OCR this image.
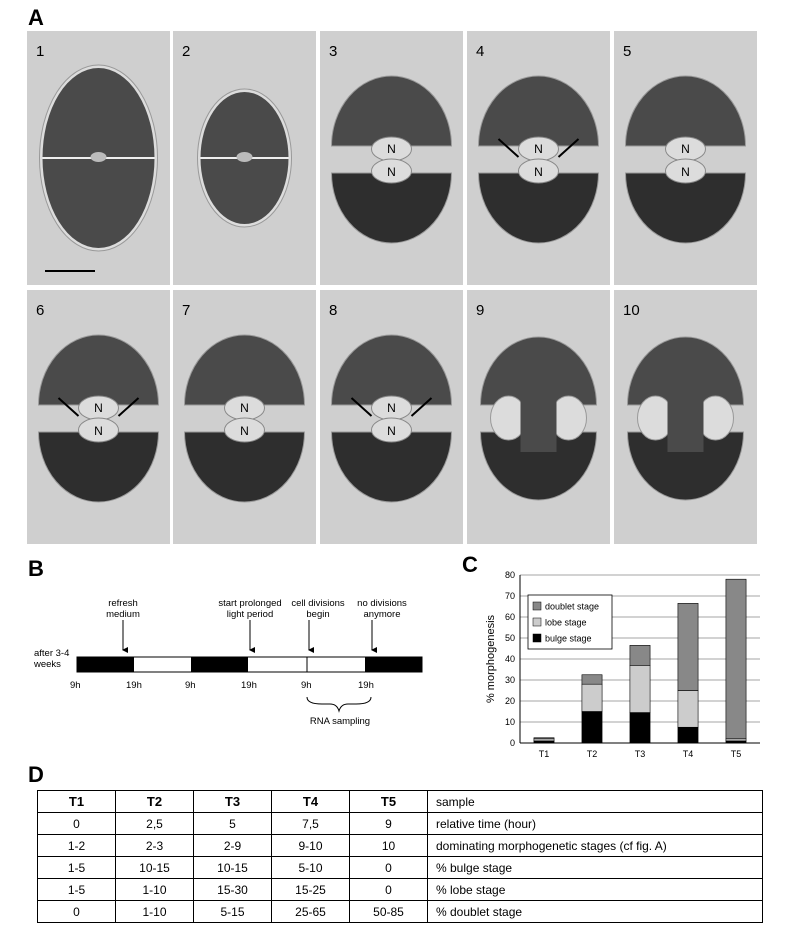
A
1	2
N
N
3
N
N
4
N
N
5
N
N
6
N
N
7
N
N
8	9	10
B
after 3-4
weeks
refresh
medium
start prolonged
light period
cell divisions
begin
no divisions
anymore
9h	19h	9h	19h	9h	19h
RNA sampling
C
0
10
20
30
40
50
60
70
80
% morphogenesis
T1	T2	T3	T4	T5
doublet stage
lobe stage
bulge stage
D
T1	T2	T3	T4	T5	sample
0	2,5	5	7,5	9	relative time (hour)
1-2	2-3	2-9	9-10	10	dominating morphogenetic stages (cf fig. A)
1-5	10-15	10-15	5-10	0	% bulge stage
1-5	1-10	15-30	15-25	0	% lobe stage
0	1-10	5-15	25-65	50-85	% doublet stage
